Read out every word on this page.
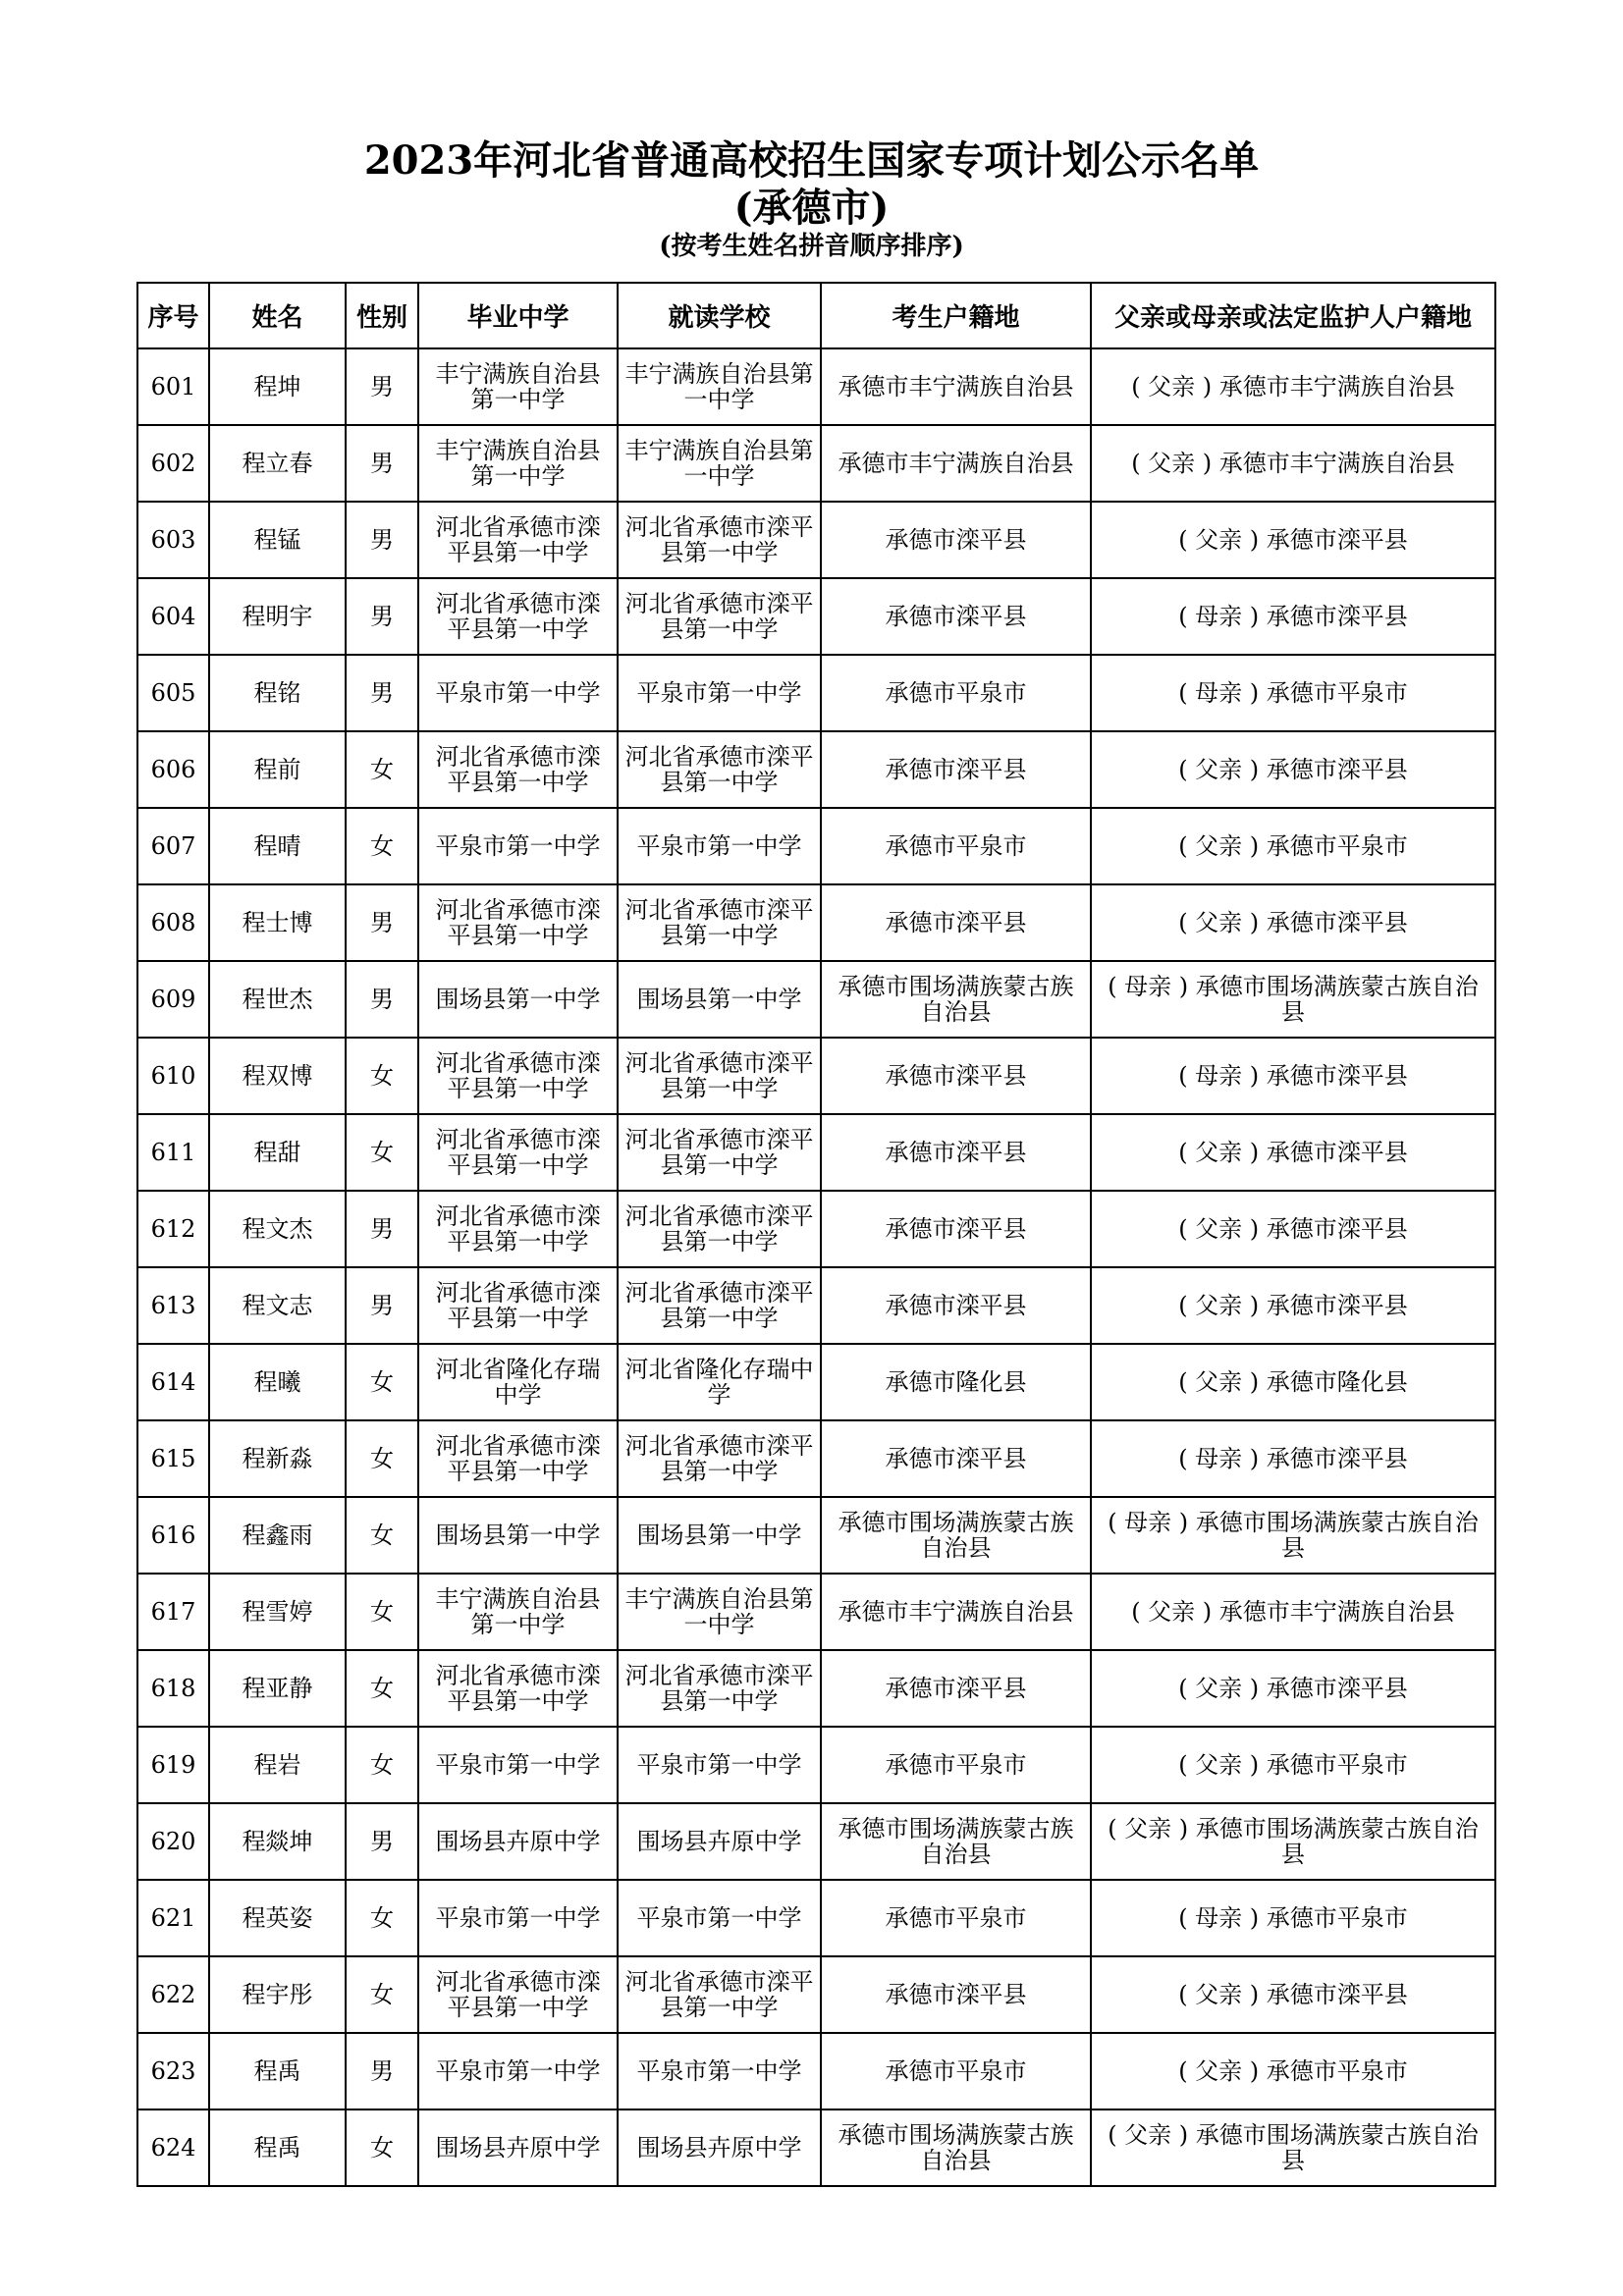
2023年河北省普通高校招生国家专项计划公示名单
(承德市)
(按考生姓名拼音顺序排序)
序号	姓名	性别	毕业中学	就读学校	考生户籍地	父亲或母亲或法定监护人户籍地
601	程坤	男	丰宁满族自治县第一中学	丰宁满族自治县第一中学	承德市丰宁满族自治县	( 父亲 ) 承德市丰宁满族自治县
602	程立春	男	丰宁满族自治县第一中学	丰宁满族自治县第一中学	承德市丰宁满族自治县	( 父亲 ) 承德市丰宁满族自治县
603	程锰	男	河北省承德市滦平县第一中学	河北省承德市滦平县第一中学	承德市滦平县	( 父亲 ) 承德市滦平县
604	程明宇	男	河北省承德市滦平县第一中学	河北省承德市滦平县第一中学	承德市滦平县	( 母亲 ) 承德市滦平县
605	程铭	男	平泉市第一中学	平泉市第一中学	承德市平泉市	( 母亲 ) 承德市平泉市
606	程前	女	河北省承德市滦平县第一中学	河北省承德市滦平县第一中学	承德市滦平县	( 父亲 ) 承德市滦平县
607	程晴	女	平泉市第一中学	平泉市第一中学	承德市平泉市	( 父亲 ) 承德市平泉市
608	程士博	男	河北省承德市滦平县第一中学	河北省承德市滦平县第一中学	承德市滦平县	( 父亲 ) 承德市滦平县
609	程世杰	男	围场县第一中学	围场县第一中学	承德市围场满族蒙古族自治县	( 母亲 ) 承德市围场满族蒙古族自治县
610	程双博	女	河北省承德市滦平县第一中学	河北省承德市滦平县第一中学	承德市滦平县	( 母亲 ) 承德市滦平县
611	程甜	女	河北省承德市滦平县第一中学	河北省承德市滦平县第一中学	承德市滦平县	( 父亲 ) 承德市滦平县
612	程文杰	男	河北省承德市滦平县第一中学	河北省承德市滦平县第一中学	承德市滦平县	( 父亲 ) 承德市滦平县
613	程文志	男	河北省承德市滦平县第一中学	河北省承德市滦平县第一中学	承德市滦平县	( 父亲 ) 承德市滦平县
614	程曦	女	河北省隆化存瑞中学	河北省隆化存瑞中学	承德市隆化县	( 父亲 ) 承德市隆化县
615	程新淼	女	河北省承德市滦平县第一中学	河北省承德市滦平县第一中学	承德市滦平县	( 母亲 ) 承德市滦平县
616	程鑫雨	女	围场县第一中学	围场县第一中学	承德市围场满族蒙古族自治县	( 母亲 ) 承德市围场满族蒙古族自治县
617	程雪婷	女	丰宁满族自治县第一中学	丰宁满族自治县第一中学	承德市丰宁满族自治县	( 父亲 ) 承德市丰宁满族自治县
618	程亚静	女	河北省承德市滦平县第一中学	河北省承德市滦平县第一中学	承德市滦平县	( 父亲 ) 承德市滦平县
619	程岩	女	平泉市第一中学	平泉市第一中学	承德市平泉市	( 父亲 ) 承德市平泉市
620	程燚坤	男	围场县卉原中学	围场县卉原中学	承德市围场满族蒙古族自治县	( 父亲 ) 承德市围场满族蒙古族自治县
621	程英姿	女	平泉市第一中学	平泉市第一中学	承德市平泉市	( 母亲 ) 承德市平泉市
622	程宇彤	女	河北省承德市滦平县第一中学	河北省承德市滦平县第一中学	承德市滦平县	( 父亲 ) 承德市滦平县
623	程禹	男	平泉市第一中学	平泉市第一中学	承德市平泉市	( 父亲 ) 承德市平泉市
624	程禹	女	围场县卉原中学	围场县卉原中学	承德市围场满族蒙古族自治县	( 父亲 ) 承德市围场满族蒙古族自治县
